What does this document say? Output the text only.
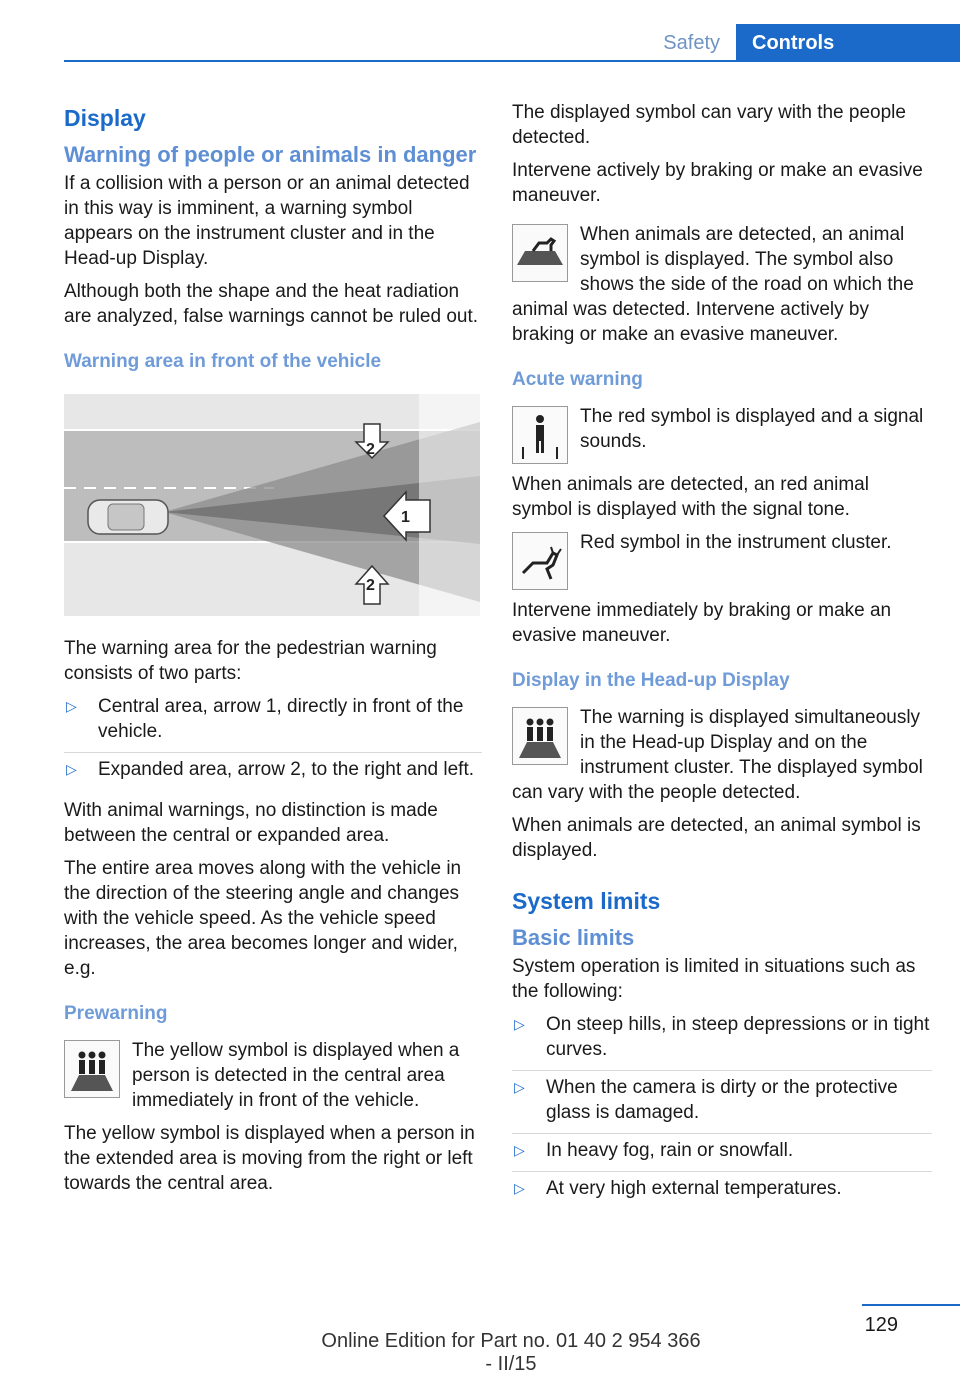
Safety	Controls
Display
Warning of people or animals in danger

If a collision with a person or an animal detected in this way is imminent, a warning symbol appears on the instrument cluster and in the Head-up Display.

Although both the shape and the heat radiation are analyzed, false warnings cannot be ruled out.

Warning area in front of the vehicle
2
1
2

The warning area for the pedestrian warning consists of two parts:

▷ Central area, arrow 1, directly in front of the vehicle.
▷ Expanded area, arrow 2, to the right and left.

With animal warnings, no distinction is made between the central or expanded area.

The entire area moves along with the vehicle in the direction of the steering angle and changes with the vehicle speed. As the vehicle speed increases, the area becomes longer and wider, e.g.

Prewarning

The yellow symbol is displayed when a person is detected in the central area immediately in front of the vehicle.

The yellow symbol is displayed when a person in the extended area is moving from the right or left towards the central area.

The displayed symbol can vary with the people detected.

Intervene actively by braking or make an evasive maneuver.

When animals are detected, an animal symbol is displayed. The symbol also shows the side of the road on which the animal was detected. Intervene actively by braking or make an evasive maneuver.

Acute warning

The red symbol is displayed and a signal sounds.

When animals are detected, an red animal symbol is displayed with the signal tone.

Red symbol in the instrument cluster.

Intervene immediately by braking or make an evasive maneuver.

Display in the Head-up Display

The warning is displayed simultaneously in the Head-up Display and on the instrument cluster. The displayed symbol can vary with the people detected.

When animals are detected, an animal symbol is displayed.

System limits
Basic limits

System operation is limited in situations such as the following:

▷ On steep hills, in steep depressions or in tight curves.
▷ When the camera is dirty or the protective glass is damaged.
▷ In heavy fog, rain or snowfall.
▷ At very high external temperatures.
129
Online Edition for Part no. 01 40 2 954 366 - II/15
